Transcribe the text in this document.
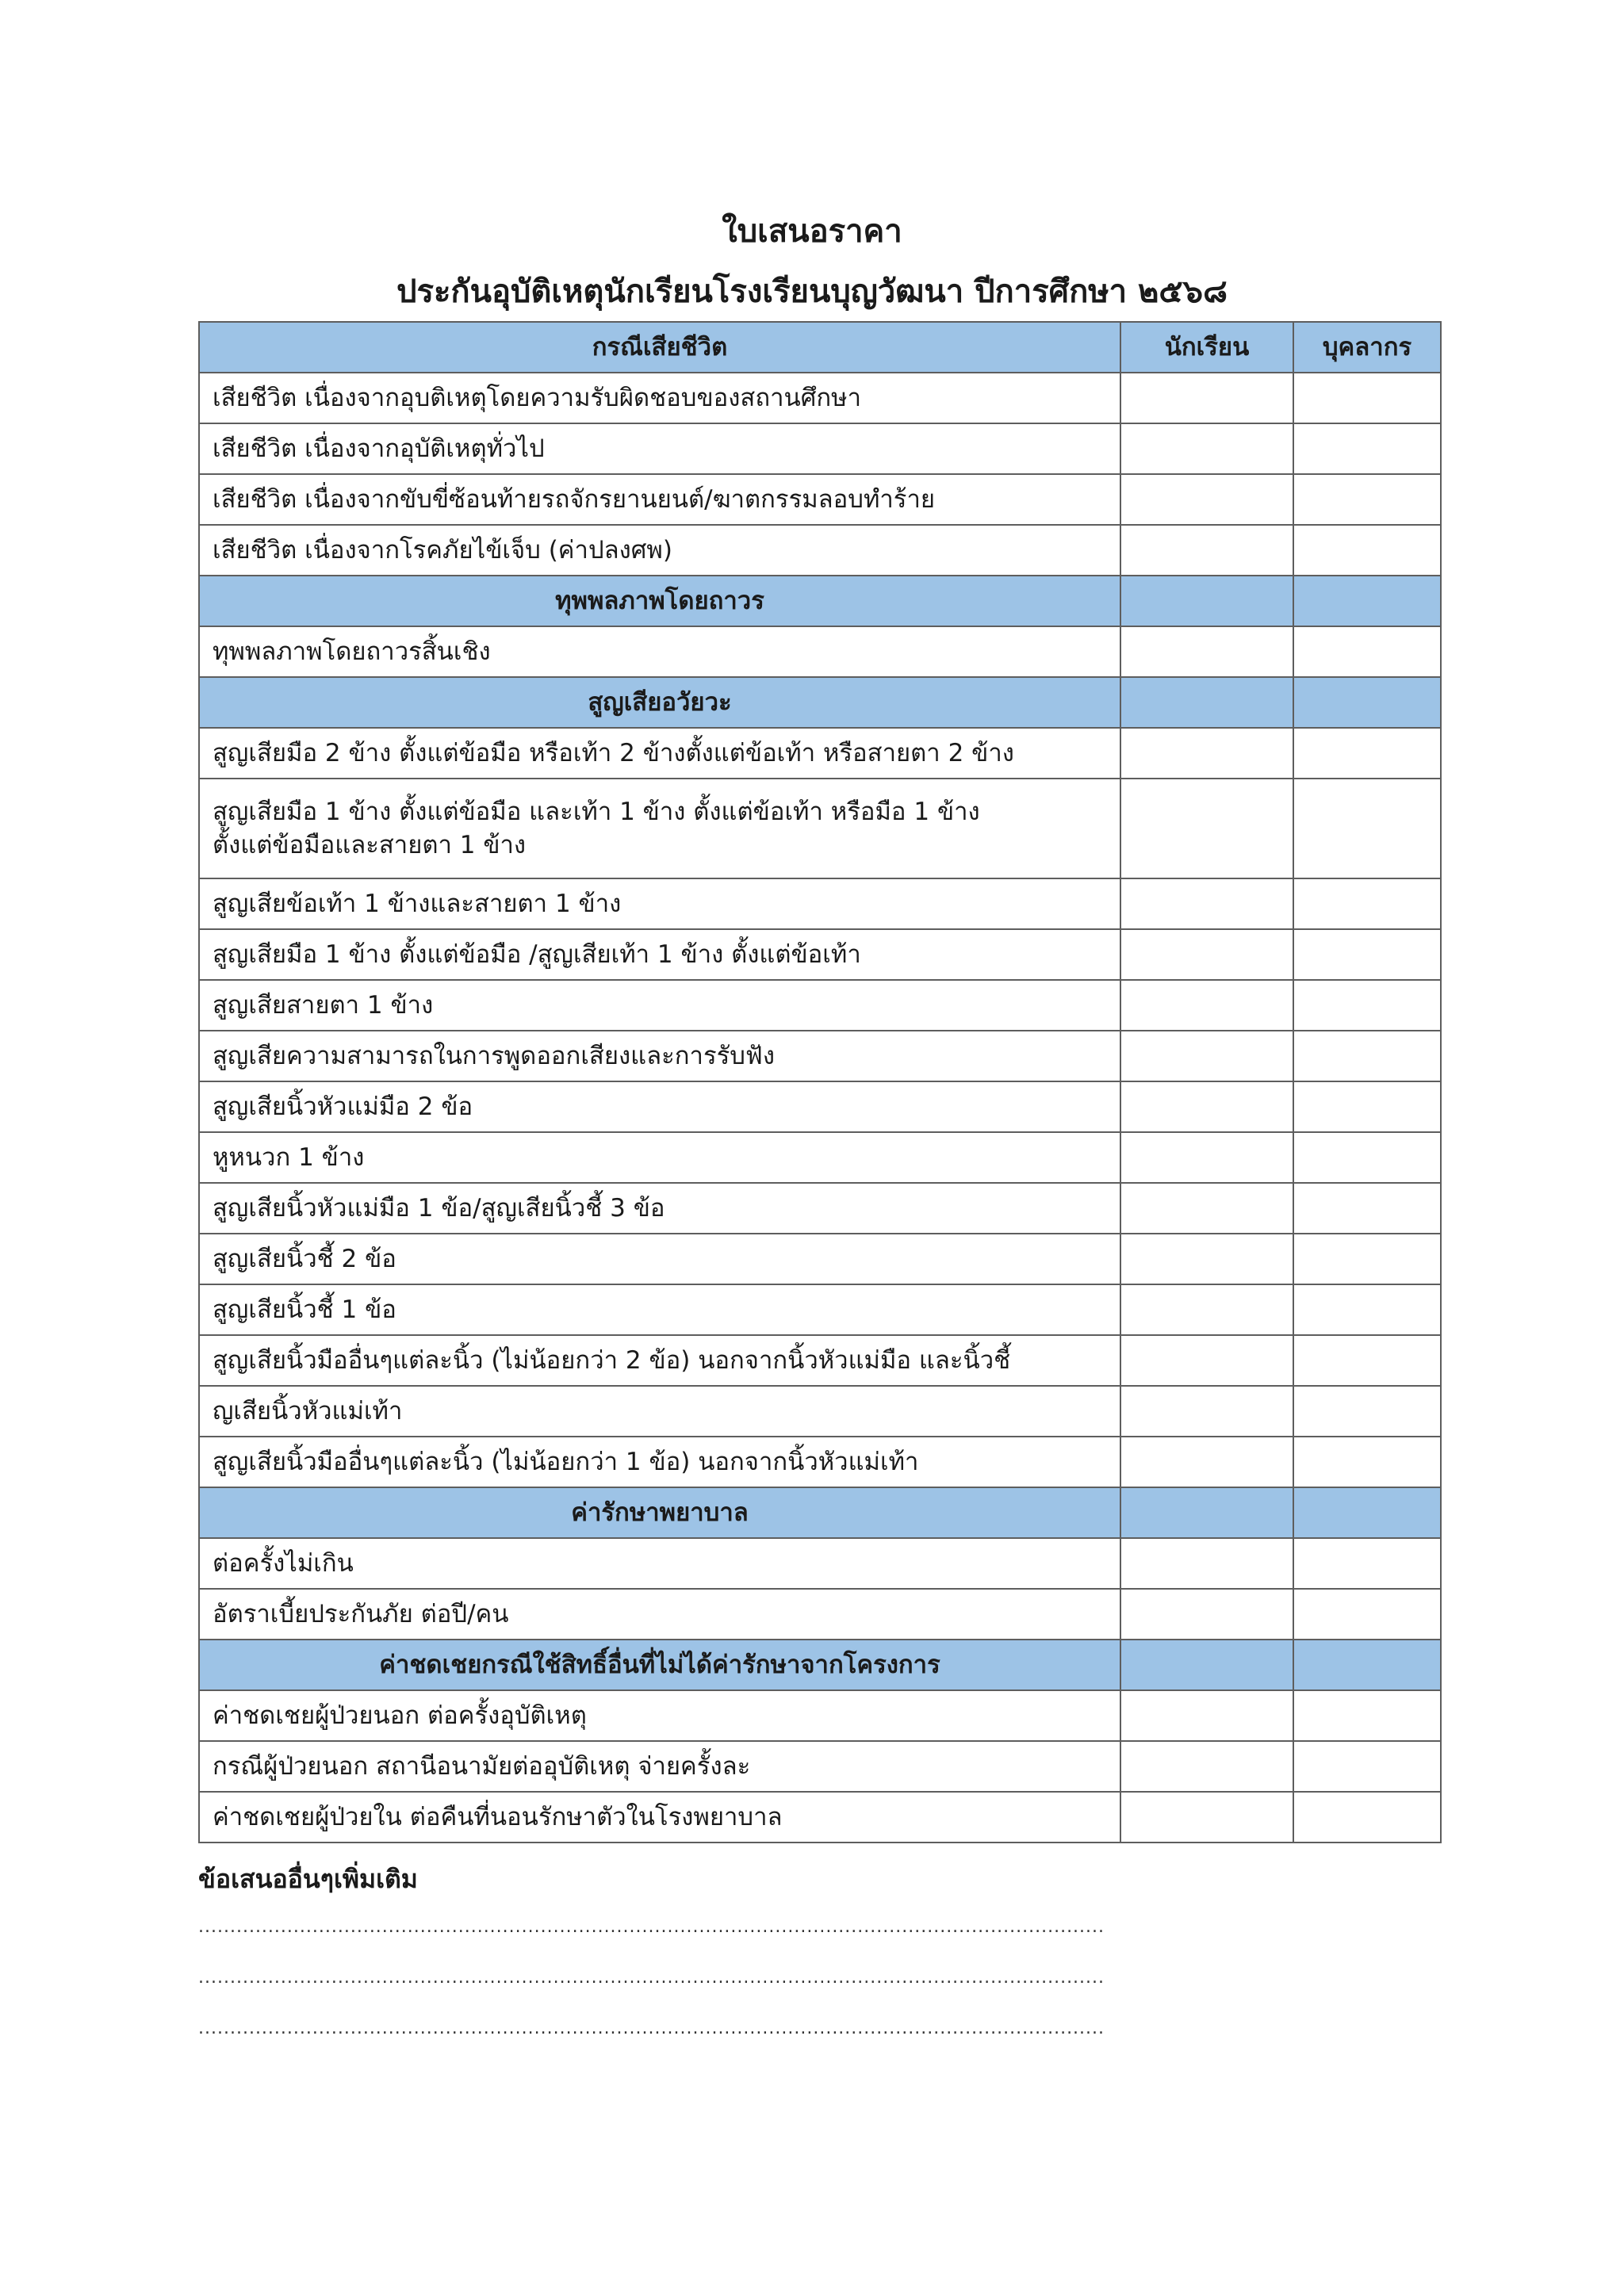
ใบเสนอราคา
ประกันอุบัติเหตุนักเรียนโรงเรียนบุญวัฒนา ปีการศึกษา ๒๕๖๘
กรณีเสียชีวิต	นักเรียน	บุคลากร
เสียชีวิต เนื่องจากอุบติเหตุโดยความรับผิดชอบของสถานศึกษา		
เสียชีวิต เนื่องจากอุบัติเหตุทั่วไป		
เสียชีวิต เนื่องจากขับขี่ซ้อนท้ายรถจักรยานยนต์/ฆาตกรรมลอบทำร้าย		
เสียชีวิต เนื่องจากโรคภัยไข้เจ็บ (ค่าปลงศพ)		
ทุพพลภาพโดยถาวร		
ทุพพลภาพโดยถาวรสิ้นเชิง		
สูญเสียอวัยวะ		
สูญเสียมือ 2 ข้าง ตั้งแต่ข้อมือ หรือเท้า 2 ข้างตั้งแต่ข้อเท้า หรือสายตา 2 ข้าง		
สูญเสียมือ 1 ข้าง ตั้งแต่ข้อมือ และเท้า 1 ข้าง ตั้งแต่ข้อเท้า หรือมือ 1 ข้าง
ตั้งแต่ข้อมือและสายตา 1 ข้าง		
สูญเสียข้อเท้า 1 ข้างและสายตา 1 ข้าง		
สูญเสียมือ 1 ข้าง ตั้งแต่ข้อมือ /สูญเสียเท้า 1 ข้าง ตั้งแต่ข้อเท้า		
สูญเสียสายตา 1 ข้าง		
สูญเสียความสามารถในการพูดออกเสียงและการรับฟัง		
สูญเสียนิ้วหัวแม่มือ 2 ข้อ		
หูหนวก 1 ข้าง		
สูญเสียนิ้วหัวแม่มือ 1 ข้อ/สูญเสียนิ้วชี้ 3 ข้อ		
สูญเสียนิ้วชี้ 2 ข้อ		
สูญเสียนิ้วชี้ 1 ข้อ		
สูญเสียนิ้วมืออื่นๆแต่ละนิ้ว (ไม่น้อยกว่า 2 ข้อ) นอกจากนิ้วหัวแม่มือ และนิ้วชี้		
ญเสียนิ้วหัวแม่เท้า		
สูญเสียนิ้วมืออื่นๆแต่ละนิ้ว (ไม่น้อยกว่า 1 ข้อ) นอกจากนิ้วหัวแม่เท้า		
ค่ารักษาพยาบาล		
ต่อครั้งไม่เกิน		
อัตราเบี้ยประกันภัย ต่อปี/คน		
ค่าชดเชยกรณีใช้สิทธิ์อื่นที่ไม่ได้ค่ารักษาจากโครงการ		
ค่าชดเชยผู้ป่วยนอก ต่อครั้งอุบัติเหตุ		
กรณีผู้ป่วยนอก สถานีอนามัยต่ออุบัติเหตุ จ่ายครั้งละ		
ค่าชดเชยผู้ป่วยใน ต่อคืนที่นอนรักษาตัวในโรงพยาบาล		
ข้อเสนออื่นๆเพิ่มเติม
...............................................................................................................................................
...............................................................................................................................................
...............................................................................................................................................
